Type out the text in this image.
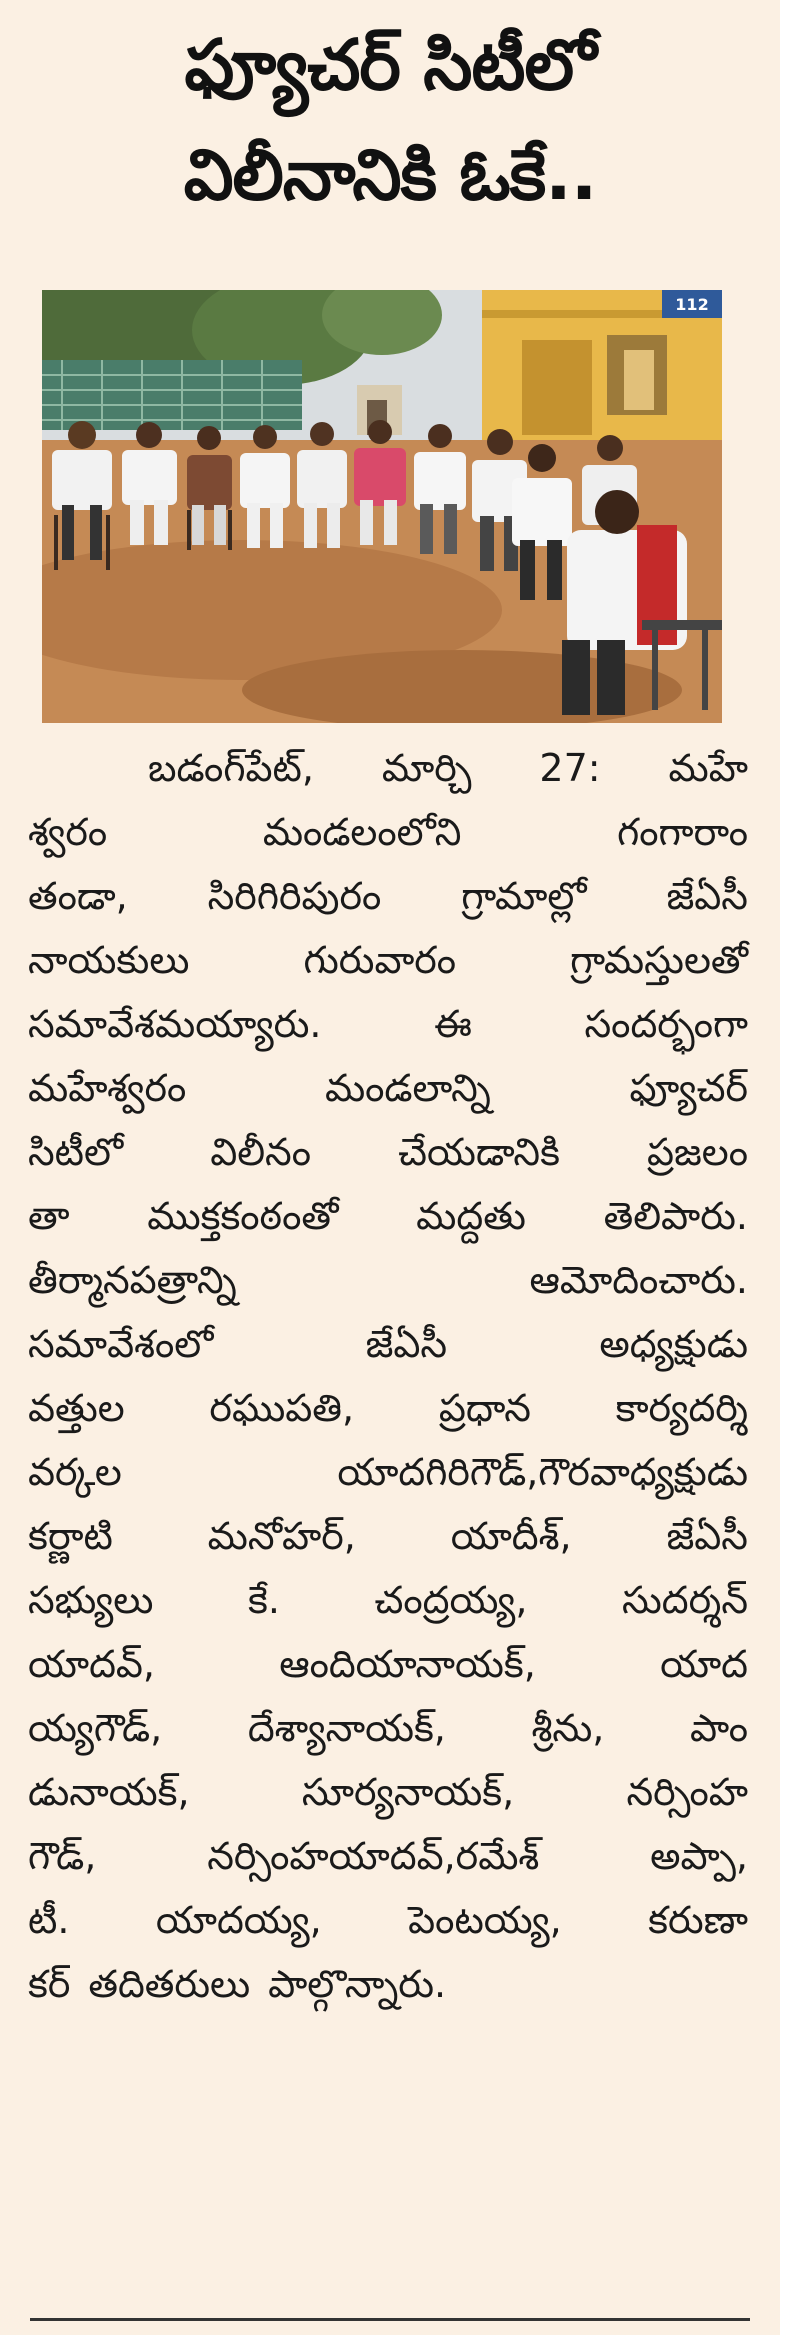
ఫ్యూచర్ సిటీలో
విలీనానికి ఓకే..
112
బడంగ్‌పేట్, మార్చి 27: మహే
శ్వరం	మండలంలోని	గంగారాం
తండా, సిరిగిరిపురం గ్రామాల్లో జేఏసీ
నాయకులు	గురువారం	గ్రామస్తులతో
సమావేశమయ్యారు.	ఈ	సందర్భంగా
మహేశ్వరం	మండలాన్ని	ఫ్యూచర్
సిటీలో విలీనం చేయడానికి ప్రజలం
తా ముక్తకంఠంతో మద్దతు తెలిపారు.
తీర్మానపత్రాన్ని	ఆమోదించారు.
సమావేశంలో	జేఏసీ	అధ్యక్షుడు
వత్తుల రఘుపతి, ప్రధాన కార్యదర్శి
వర్కల	యాదగిరిగౌడ్,గౌరవాధ్యక్షుడు
కర్ణాటి మనోహర్, యాదీశ్, జేఏసీ
సభ్యులు కే. చంద్రయ్య, సుదర్శన్
యాదవ్,	ఆందియానాయక్,	యాద
య్యగౌడ్, దేశ్యానాయక్, శ్రీను, పాం
డునాయక్,	సూర్యనాయక్,	నర్సింహ
గౌడ్,	నర్సింహయాదవ్,రమేశ్	అప్పా,
టీ. యాదయ్య, పెంటయ్య, కరుణా
కర్ తదితరులు పాల్గొన్నారు.
